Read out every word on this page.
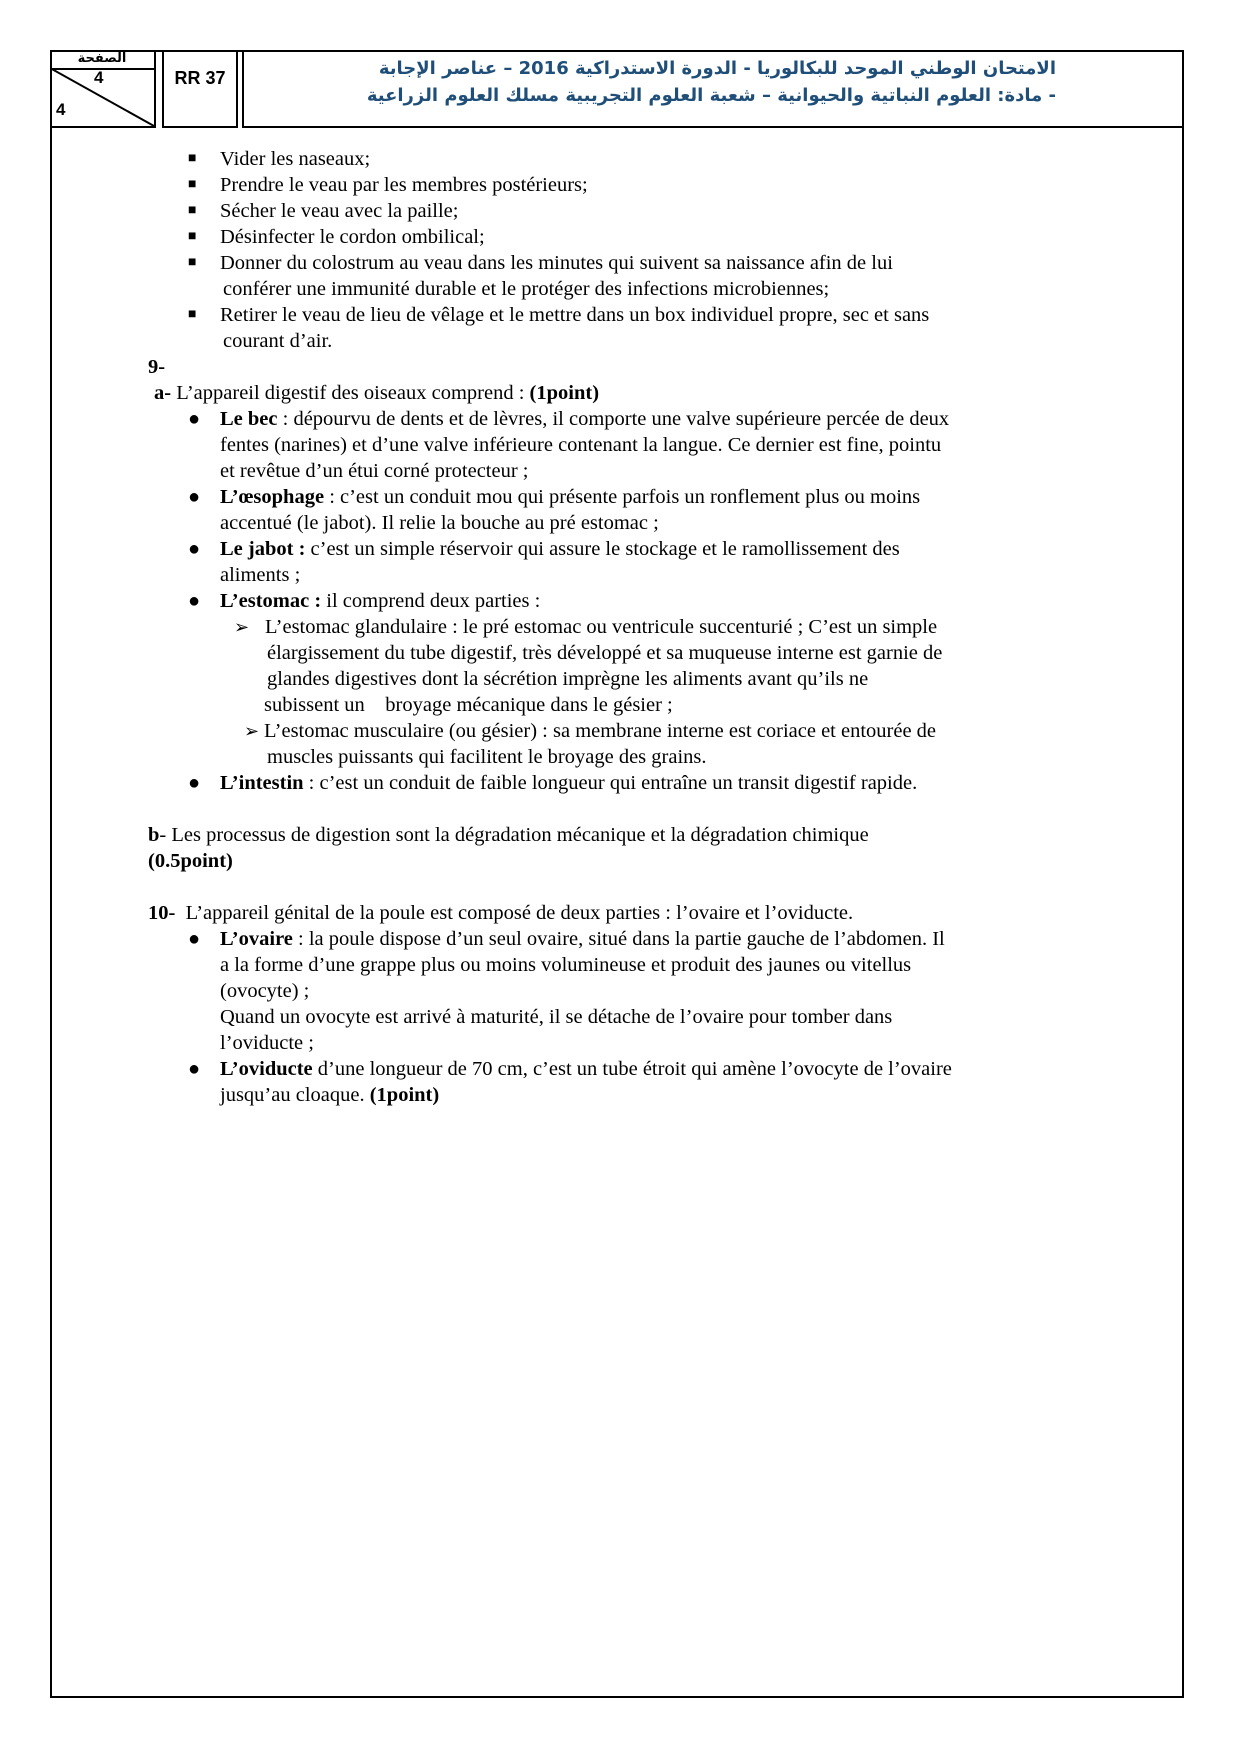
الصفحة
4
4
RR 37	الامتحان الوطني الموحد للبكالوريا - الدورة الاستدراكية 2016 – عناصر الإجابة
- مادة: العلوم النباتية والحيوانية – شعبة العلوم التجريبية مسلك العلوم الزراعية
■ Vider les naseaux;
■ Prendre le veau par les membres postérieurs;
■ Sécher le veau avec la paille;
■ Désinfecter le cordon ombilical;
■ Donner du colostrum au veau dans les minutes qui suivent sa naissance afin de lui
conférer une immunité durable et le protéger des infections microbiennes;
■ Retirer le veau de lieu de vêlage et le mettre dans un box individuel propre, sec et sans
courant d’air.
9-
a- L’appareil digestif des oiseaux comprend : (1point)
● Le bec : dépourvu de dents et de lèvres, il comporte une valve supérieure percée de deux
fentes (narines) et d’une valve inférieure contenant la langue. Ce dernier est fine, pointu
et revêtue d’un étui corné protecteur ;
● L’œsophage : c’est un conduit mou qui présente parfois un ronflement plus ou moins
accentué (le jabot). Il relie la bouche au pré estomac ;
● Le jabot : c’est un simple réservoir qui assure le stockage et le ramollissement des
aliments ;
● L’estomac : il comprend deux parties :
➢ L’estomac glandulaire : le pré estomac ou ventricule succenturié ; C’est un simple
élargissement du tube digestif, très développé et sa muqueuse interne est garnie de
glandes digestives dont la sécrétion imprègne les aliments avant qu’ils ne
subissent un    broyage mécanique dans le gésier ;
➢ L’estomac musculaire (ou gésier) : sa membrane interne est coriace et entourée de
muscles puissants qui facilitent le broyage des grains.
● L’intestin : c’est un conduit de faible longueur qui entraîne un transit digestif rapide.
b- Les processus de digestion sont la dégradation mécanique et la dégradation chimique
(0.5point)
10-  L’appareil génital de la poule est composé de deux parties : l’ovaire et l’oviducte.
● L’ovaire : la poule dispose d’un seul ovaire, situé dans la partie gauche de l’abdomen. Il
a la forme d’une grappe plus ou moins volumineuse et produit des jaunes ou vitellus
(ovocyte) ;
Quand un ovocyte est arrivé à maturité, il se détache de l’ovaire pour tomber dans
l’oviducte ;
● L’oviducte d’une longueur de 70 cm, c’est un tube étroit qui amène l’ovocyte de l’ovaire
jusqu’au cloaque. (1point)
